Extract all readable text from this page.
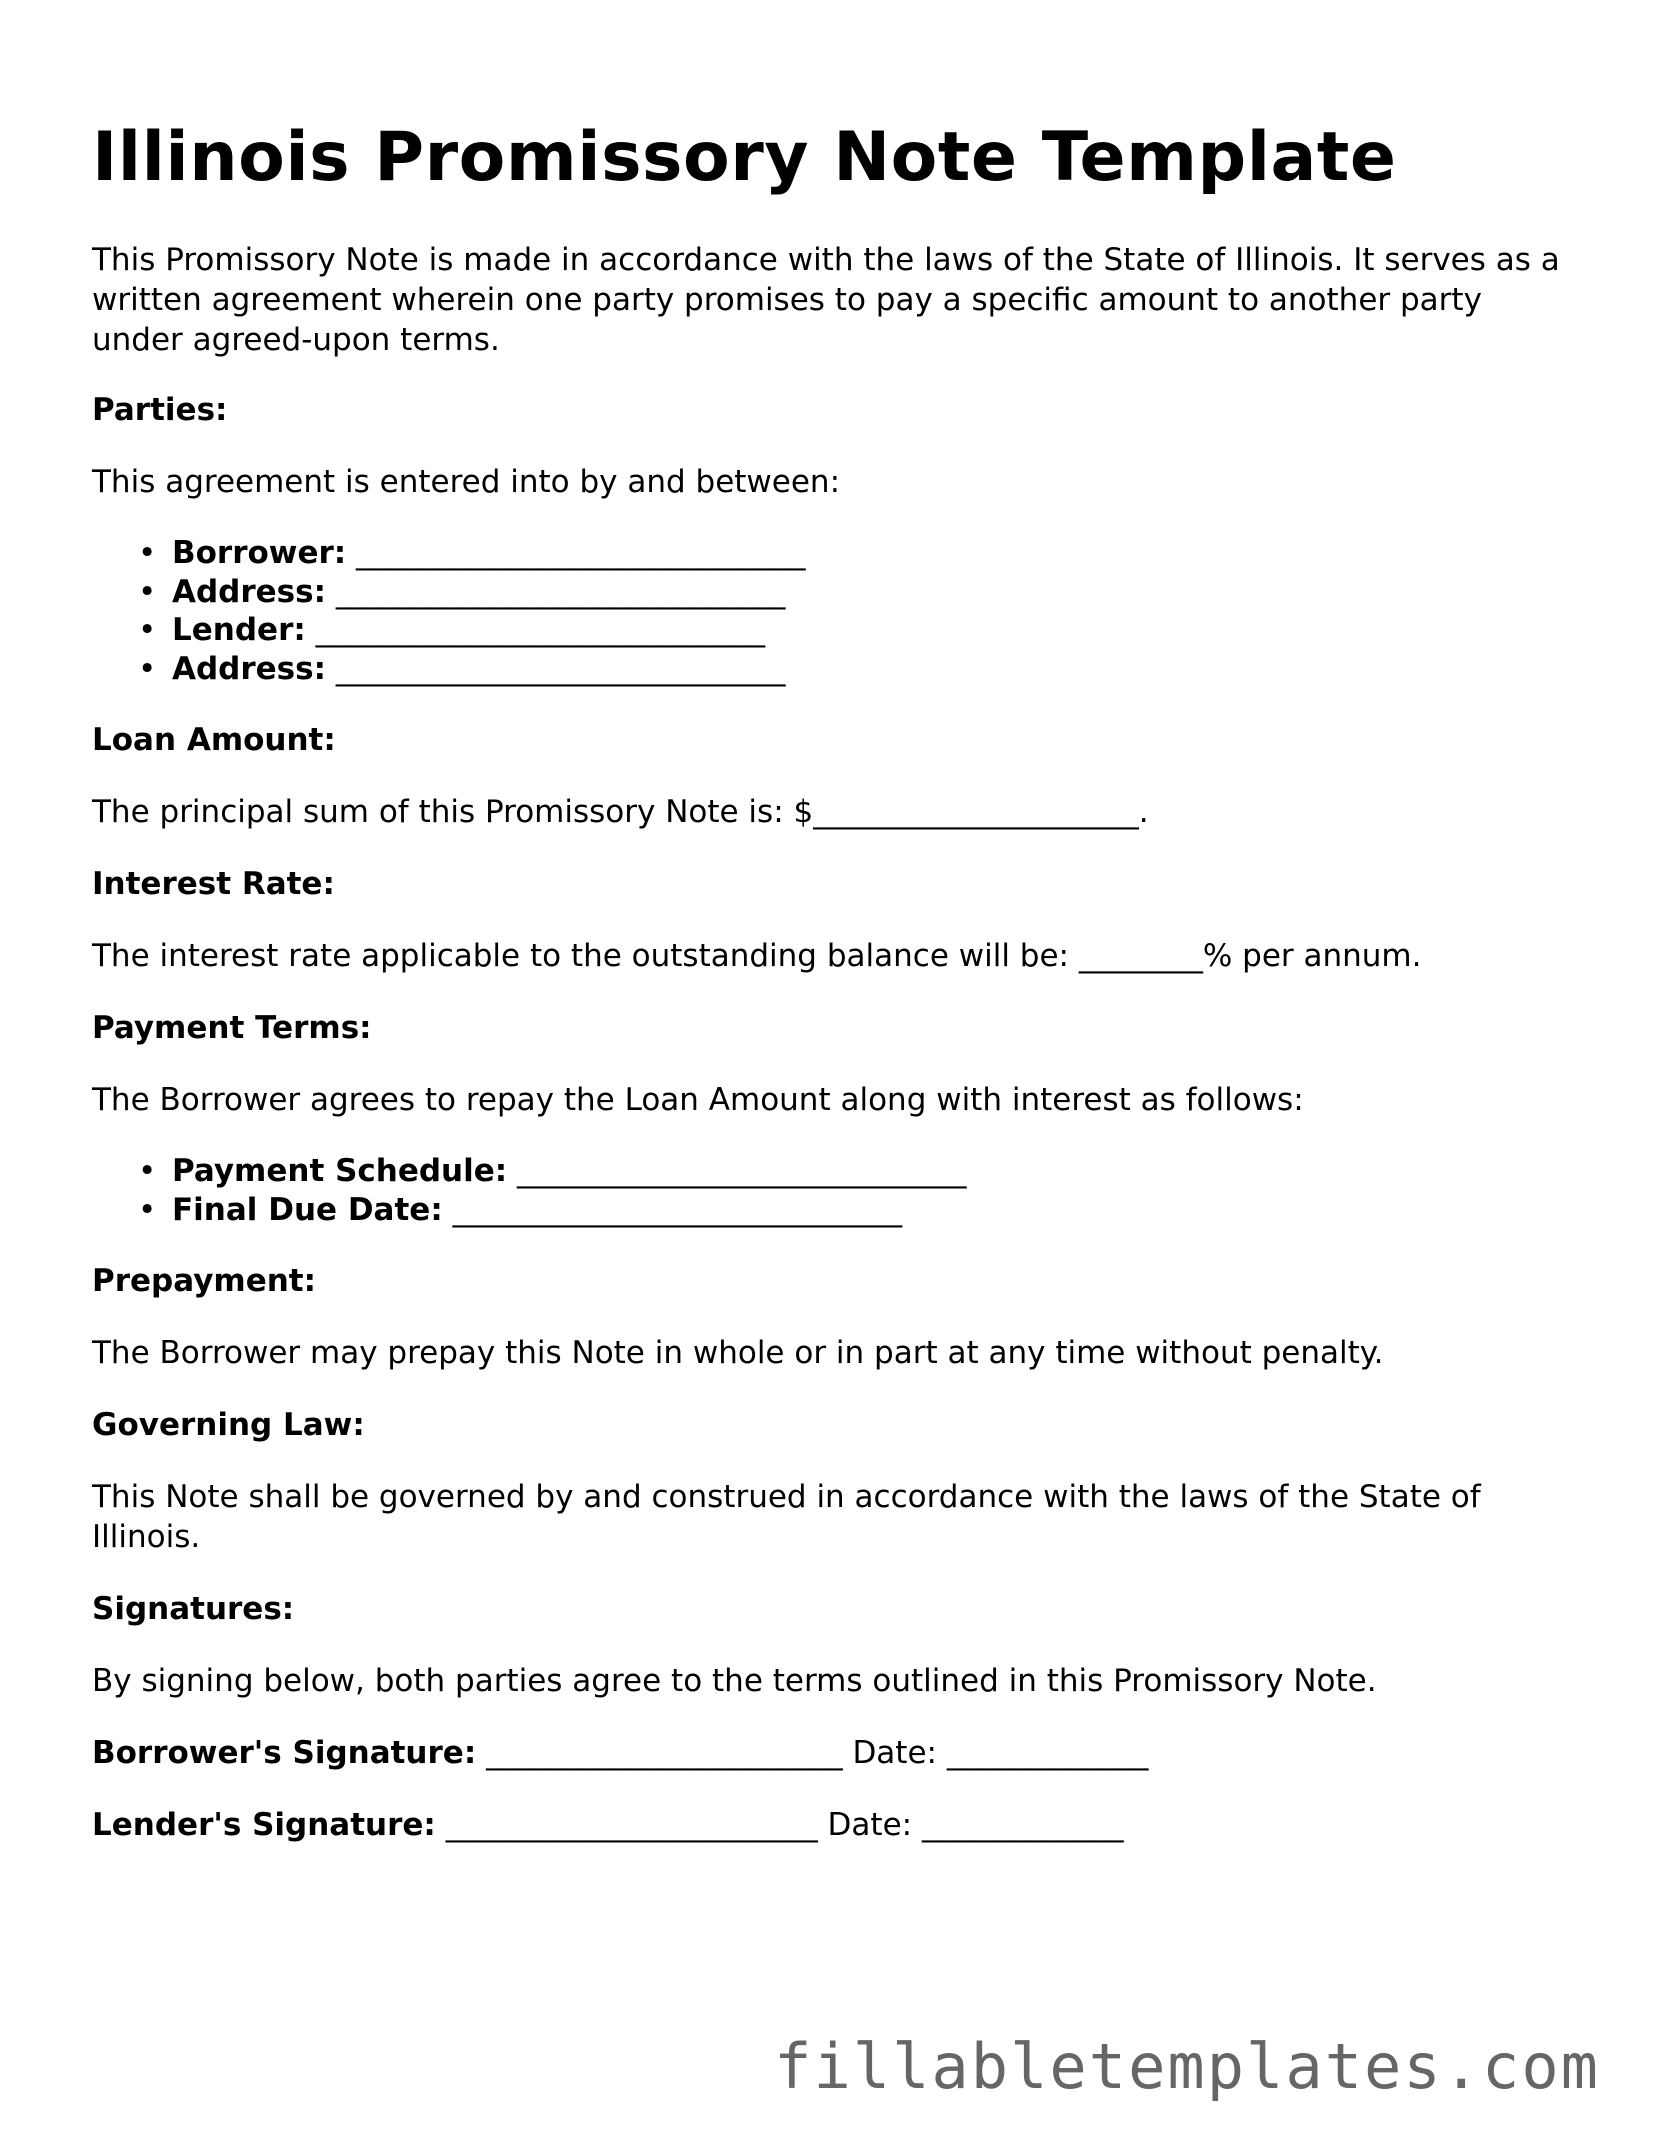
Illinois Promissory Note Template

This Promissory Note is made in accordance with the laws of the State of Illinois. It serves as a written agreement wherein one party promises to pay a specific amount to another party under agreed-upon terms.

Parties:

This agreement is entered into by and between:

• Borrower: _____________________________
• Address: _____________________________
• Lender: _____________________________
• Address: _____________________________

Loan Amount:

The principal sum of this Promissory Note is: $_____________________.

Interest Rate:

The interest rate applicable to the outstanding balance will be: ________% per annum.

Payment Terms:

The Borrower agrees to repay the Loan Amount along with interest as follows:

• Payment Schedule: _____________________________
• Final Due Date: _____________________________

Prepayment:

The Borrower may prepay this Note in whole or in part at any time without penalty.

Governing Law:

This Note shall be governed by and construed in accordance with the laws of the State of Illinois.

Signatures:

By signing below, both parties agree to the terms outlined in this Promissory Note.

Borrower's Signature: _______________________ Date: _____________

Lender's Signature: ________________________ Date: _____________

fillabletemplates.com
